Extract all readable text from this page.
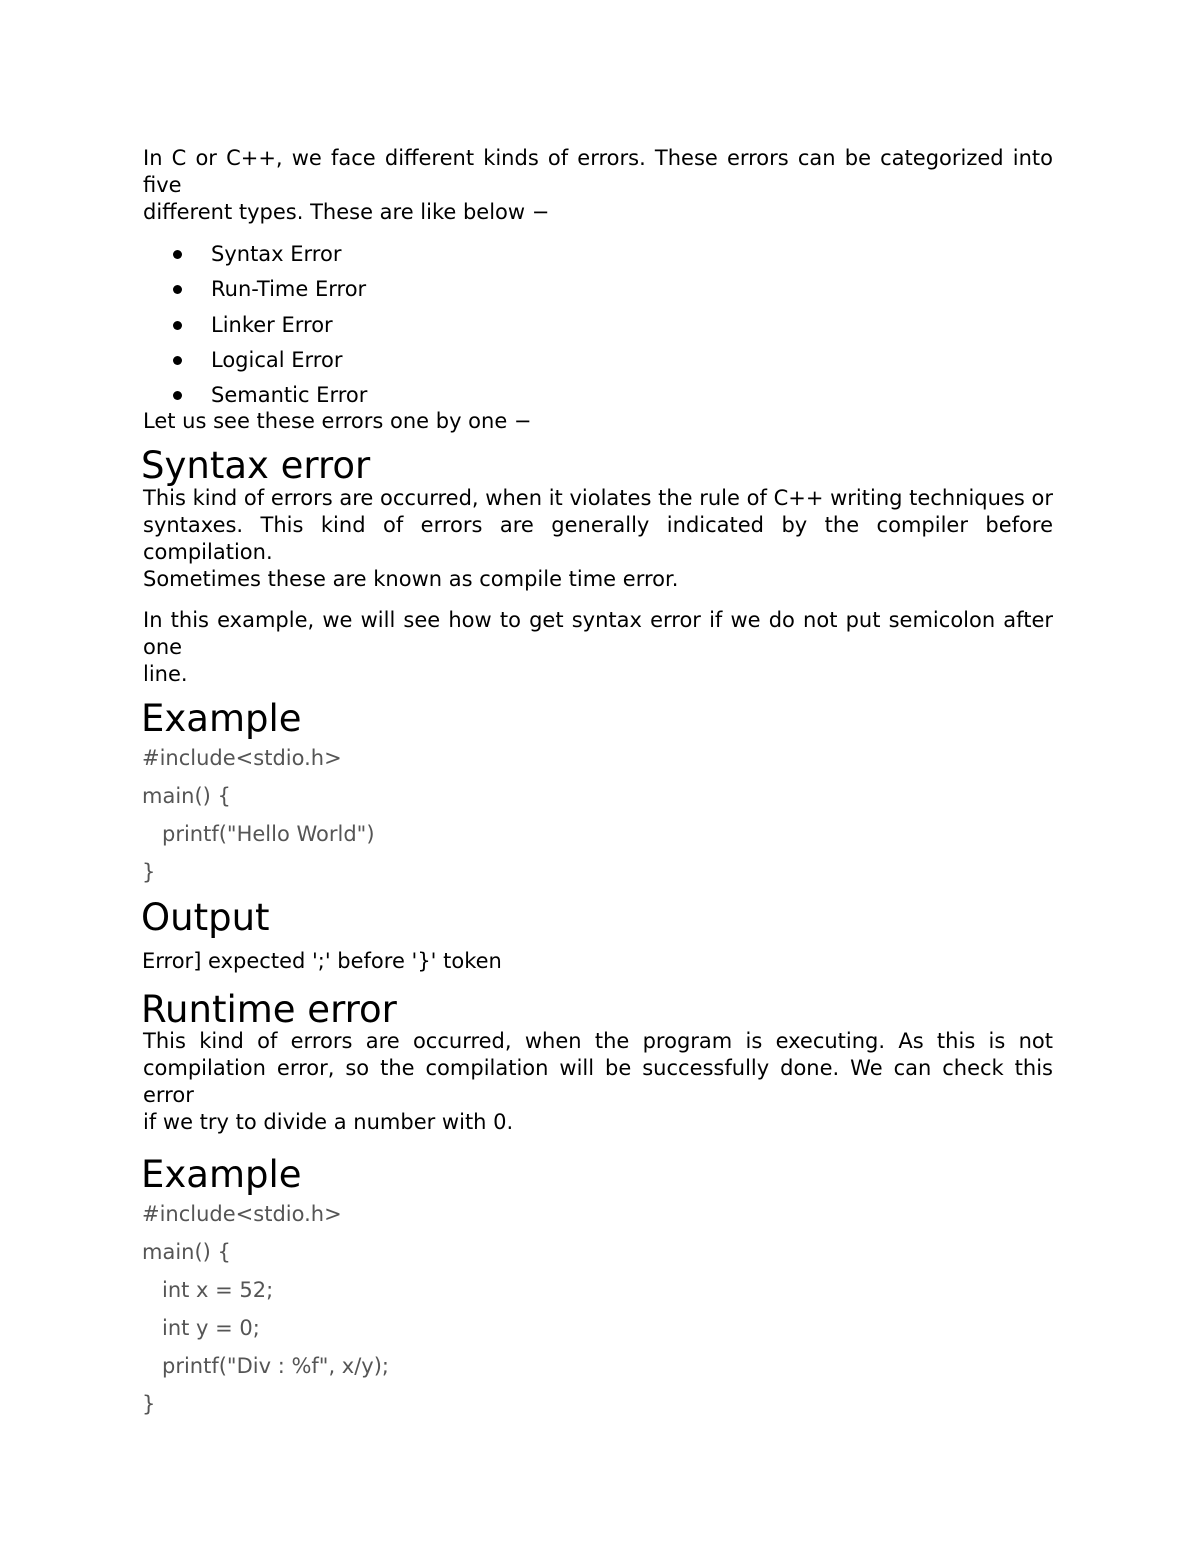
In C or C++, we face different kinds of errors. These errors can be categorized into five
different types. These are like below −

Syntax Error
Run-Time Error
Linker Error
Logical Error
Semantic Error

Let us see these errors one by one −

Syntax error

This kind of errors are occurred, when it violates the rule of C++ writing techniques or
syntaxes. This kind of errors are generally indicated by the compiler before compilation.
Sometimes these are known as compile time error.

In this example, we will see how to get syntax error if we do not put semicolon after one
line.

Example
#include<stdio.h>
main() {
printf("Hello World")
}
Output

Error] expected ';' before '}' token

Runtime error

This kind of errors are occurred, when the program is executing. As this is not
compilation error, so the compilation will be successfully done. We can check this error
if we try to divide a number with 0.

Example
#include<stdio.h>
main() {
int x = 52;
int y = 0;
printf("Div : %f", x/y);
}
